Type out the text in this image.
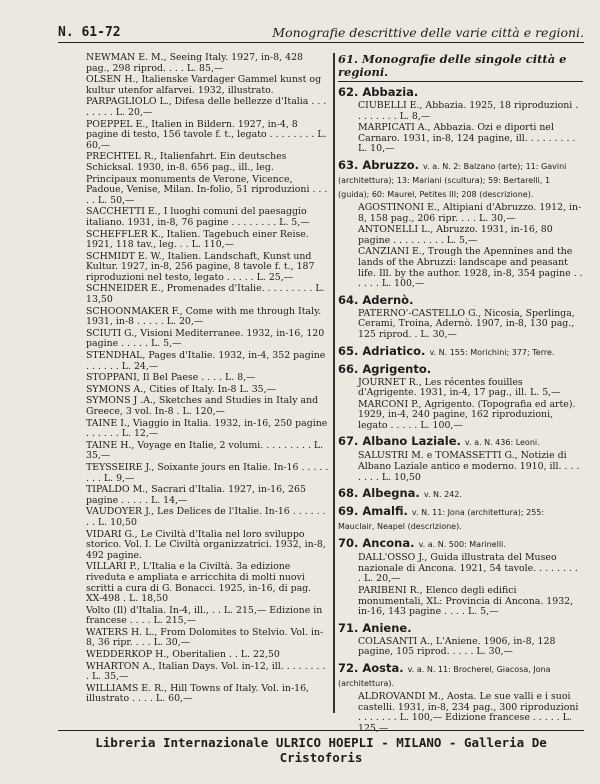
N. 61-72	Monografie descrittive delle varie città e regioni.
NEWMAN E. M., Seeing Italy. 1927, in-8, 428 pag., 298 riprod. . . . L. 85,—
OLSEN H., Italienske Vardager Gammel kunst og kultur utenfor alfarvei. 1932, illustrato.
PARPAGLIOLO L., Difesa delle bellezze d'Italia . . . . . . . . L. 20,—
POEPPEL E., Italien in Bildern. 1927, in-4, 8 pagine di testo, 156 tavole f. t., legato . . . . . . . . L. 60,—
PRECHTEL R., Italienfahrt. Ein deutsches Schicksal. 1930, in-8. 656 pag., ill., leg.
Principaux monuments de Verone, Vicence, Padoue, Venise, Milan. In-folio, 51 riproduzioni . . . . . L. 50,—
SACCHETTI E., I luoghi comuni del paesaggio italiano. 1931, in-8, 76 pagine . . . . . . . . L. 5,—
SCHEFFLER K., Italien. Tagebuch einer Reise. 1921, 118 tav., leg. . . L. 110,—
SCHMIDT E. W., Italien. Landschaft, Kunst und Kultur. 1927, in-8, 256 pagine, 8 tavole f. t., 187 riproduzioni nel testo, legato . . . . . L. 25,—
SCHNEIDER E., Promenades d'Italie. . . . . . . . . L. 13,50
SCHOONMAKER F., Come with me through Italy. 1931, in-8 . . . . . L. 20,—
SCIUTI G., Visioni Mediterranee. 1932, in-16, 120 pagine . . . . . L. 5,—
STENDHAL, Pages d'Italie. 1932, in-4, 352 pagine . . . . . . L. 24,—
STOPPANI, Il Bel Paese . . . . L. 8,—
SYMONS A., Cities of Italy. In-8 L. 35,—
SYMONS J .A., Sketches and Studies in Italy and Greece, 3 vol. In-8 . L. 120,—
TAINE I., Viaggio in Italia. 1932, in-16, 250 pagine . . . . . . L. 12,—
TAINE H., Voyage en Italie, 2 volumi. . . . . . . . . L. 35,—
TEYSSEIRE J., Soixante jours en Italie. In-16 . . . . . . . . L. 9,—
TIPALDO M., Sacrari d'Italia. 1927, in-16, 265 pagine . . . . . L. 14,—
VAUDOYER J., Les Delices de l'Italie. In-16 . . . . . . . . L. 10,50
VIDARI G., Le Civiltà d'Italia nel loro sviluppo storico. Vol. I. Le Civiltà organizzatrici. 1932, in-8, 492 pagine.
VILLARI P., L'Italia e la Civiltà. 3a edizione riveduta e ampliata e arricchita di molti nuovi scritti a cura di G. Bonacci. 1925, in-16, di pag. XX-498 . L. 18,50
Volto (Il) d'Italia. In-4, ill., . . L. 215,— Edizione in francese . . . . L. 215,—
WATERS H. L., From Dolomites to Stelvio. Vol. in-8, 36 ripr. . . . L. 30,—
WEDDERKOP H., Oberitalien . . L. 22,50
WHARTON A., Italian Days. Vol. in-12, ill. . . . . . . . . L. 35,—
WILLIAMS E. R., Hill Towns of Italy. Vol. in-16, illustrato . . . . L. 60,—
61. Monografie delle singole città e regioni.
62. Abbazia.
CIUBELLI E., Abbazia. 1925, 18 riproduzioni . . . . . . . . L. 8,—
MARPICATI A., Abbazia. Ozi e diporti nel Carnaro. 1931, in-8, 124 pagine, ill. . . . . . . . . L. 10,—
63. Abruzzo. v. a. N. 2: Balzano (arte); 11: Gavini (architettura); 13: Mariani (scultura); 59: Bertarelli, 1 (guida); 60: Maurel, Petites III; 208 (descrizione).
AGOSTINONI E., Altipiani d'Abruzzo. 1912, in-8, 158 pag., 206 ripr. . . . L. 30,—
ANTONELLI L., Abruzzo. 1931, in-16, 80 pagine . . . . . . . . . L. 5,—
CANZIANI E., Trough the Apennines and the lands of the Abruzzi: landscape and peasant life. Ill. by the author. 1928, in-8, 354 pagine . . . . . . L. 100,—
64. Adernò.
PATERNO'-CASTELLO G., Nicosia, Sperlinga, Cerami, Troina, Adernò. 1907, in-8, 130 pag., 125 riprod. . L. 30,—
65. Adriatico. v. N. 155: Morichini; 377; Terre.
66. Agrigento.
JOURNET R., Les récentes fouilles d'Agrigente. 1931, in-4, 17 pag., ill. L. 5,—
MARCONI P., Agrigento. (Topografia ed arte). 1929, in-4, 240 pagine, 162 riproduzioni, legato . . . . . L. 100,—
67. Albano Laziale. v. a. N. 436: Leoni.
SALUSTRI M. e TOMASSETTI G., Notizie di Albano Laziale antico e moderno. 1910, ill. . . . . . . . L. 10,50
68. Albegna. v. N. 242.
69. Amalfi. v. N. 11: Jona (architettura); 255: Mauclair, Neapel (descrizione).
70. Ancona. v. a. N. 500: Marinelli.
DALL'OSSO J., Guida illustrata del Museo nazionale di Ancona. 1921, 54 tavole. . . . . . . . . L. 20,—
PARIBENI R., Elenco degli edifici monumentali, XL: Provincia di Ancona. 1932, in-16, 143 pagine . . . . L. 5,—
71. Aniene.
COLASANTI A., L'Aniene. 1906, in-8, 128 pagine, 105 riprod. . . . . L. 30,—
72. Aosta. v. a. N. 11: Brocherel, Giacosa, Jona (architettura).
ALDROVANDI M., Aosta. Le sue valli e i suoi castelli. 1931, in-8, 234 pag., 300 riproduzioni . . . . . . . L. 100,— Edizione francese . . . . . L. 125,—
Libreria Internazionale ULRICO HOEPLI - MILANO - Galleria De Cristoforis
